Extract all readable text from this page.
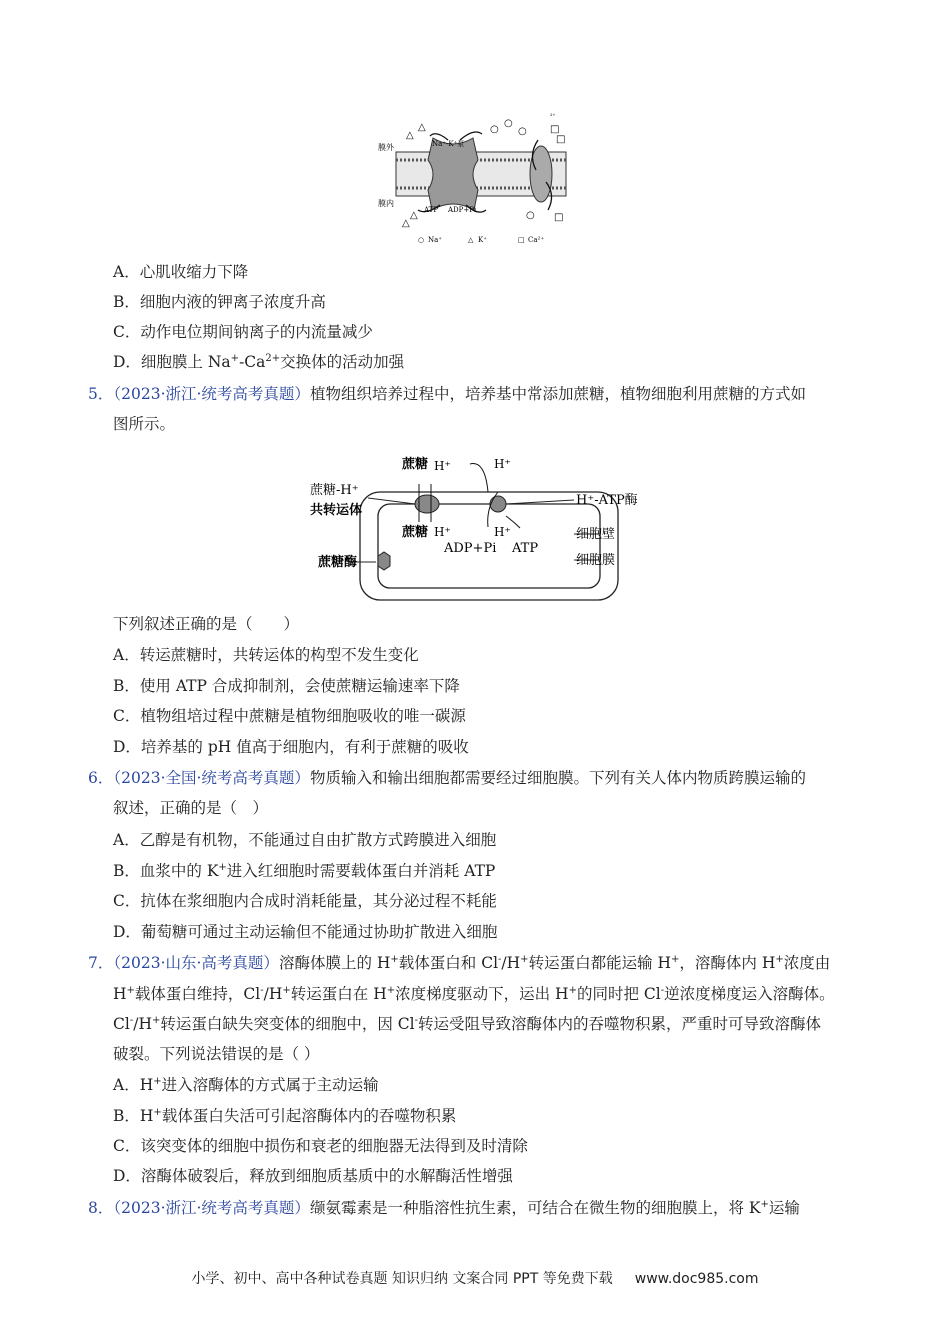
△
△
△
△
○
○
○
○
□
□
□
膜外
膜内
Na⁺-K⁺泵
ATP ADP+Pi
²⁺
○ Na⁺	△ K⁺	□ Ca²⁺
A．心肌收缩力下降
B．细胞内液的钾离子浓度升高
C．动作电位期间钠离子的内流量减少
D．细胞膜上 $Na^+-Ca^{2+}$交换体的活动加强
5．（2023·浙江·统考高考真题）植物组织培养过程中，培养基中常添加蔗糖，植物细胞利用蔗糖的方式如
图所示。
蔗糖 H⁺	H⁺
蔗糖-H⁺
共转运体
H⁺-ATP酶
蔗糖 H⁺
ADP+Pi
H⁺
ATP
细胞壁
蔗糖酶	细胞膜
下列叙述正确的是（　　）
A．转运蔗糖时，共转运体的构型不发生变化
B．使用 ATP 合成抑制剂，会使蔗糖运输速率下降
C．植物组培过程中蔗糖是植物细胞吸收的唯一碳源
D．培养基的 pH 值高于细胞内，有利于蔗糖的吸收
6．（2023·全国·统考高考真题）物质输入和输出细胞都需要经过细胞膜。下列有关人体内物质跨膜运输的
叙述，正确的是（　）
A．乙醇是有机物，不能通过自由扩散方式跨膜进入细胞
B．血浆中的 K+进入红细胞时需要载体蛋白并消耗 ATP
C．抗体在浆细胞内合成时消耗能量，其分泌过程不耗能
D．葡萄糖可通过主动运输但不能通过协助扩散进入细胞
7．（2023·山东·高考真题）溶酶体膜上的 H+载体蛋白和 Cl-/H+转运蛋白都能运输 H+，溶酶体内 H+浓度由
H+载体蛋白维持，Cl-/H+转运蛋白在 H+浓度梯度驱动下，运出 H+的同时把 Cl-逆浓度梯度运入溶酶体。
Cl-/H+转运蛋白缺失突变体的细胞中，因 Cl-转运受阻导致溶酶体内的吞噬物积累，严重时可导致溶酶体
破裂。下列说法错误的是（ ）
A．H+进入溶酶体的方式属于主动运输
B．H+载体蛋白失活可引起溶酶体内的吞噬物积累
C．该突变体的细胞中损伤和衰老的细胞器无法得到及时清除
D．溶酶体破裂后，释放到细胞质基质中的水解酶活性增强
8．（2023·浙江·统考高考真题）缬氨霉素是一种脂溶性抗生素，可结合在微生物的细胞膜上，将 K+运输
小学、初中、高中各种试卷真题 知识归纳 文案合同 PPT 等免费下载 www.doc985.com
